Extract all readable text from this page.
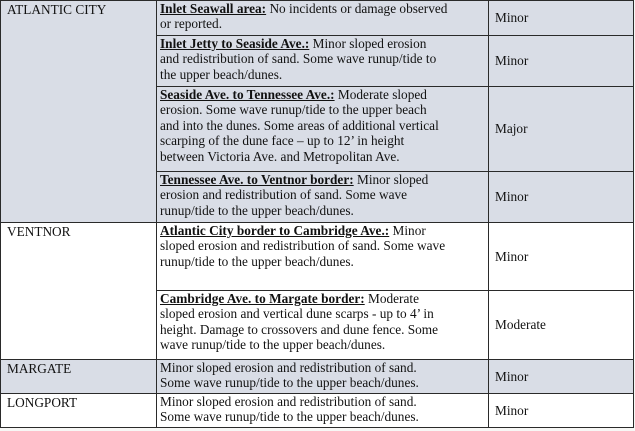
ATLANTIC CITY	Inlet Seawall area: No incidents or damage observed
or reported.	Minor

	Inlet Jetty to Seaside Ave.: Minor sloped erosion
and redistribution of sand. Some wave runup/tide to
the upper beach/dunes.	Minor

	Seaside Ave. to Tennessee Ave.: Moderate sloped
erosion. Some wave runup/tide to the upper beach
and into the dunes. Some areas of additional vertical
scarping of the dune face – up to 12’ in height
between Victoria Ave. and Metropolitan Ave.	Major

	Tennessee Ave. to Ventnor border: Minor sloped
erosion and redistribution of sand. Some wave
runup/tide to the upper beach/dunes.	Minor
VENTNOR	Atlantic City border to Cambridge Ave.: Minor
sloped erosion and redistribution of sand. Some wave
runup/tide to the upper beach/dunes.	Minor

	Cambridge Ave. to Margate border: Moderate
sloped erosion and vertical dune scarps - up to 4’ in
height. Damage to crossovers and dune fence. Some
wave runup/tide to the upper beach/dunes.	Moderate
MARGATE	Minor sloped erosion and redistribution of sand.
Some wave runup/tide to the upper beach/dunes.	Minor
LONGPORT	Minor sloped erosion and redistribution of sand.
Some wave runup/tide to the upper beach/dunes.	Minor
